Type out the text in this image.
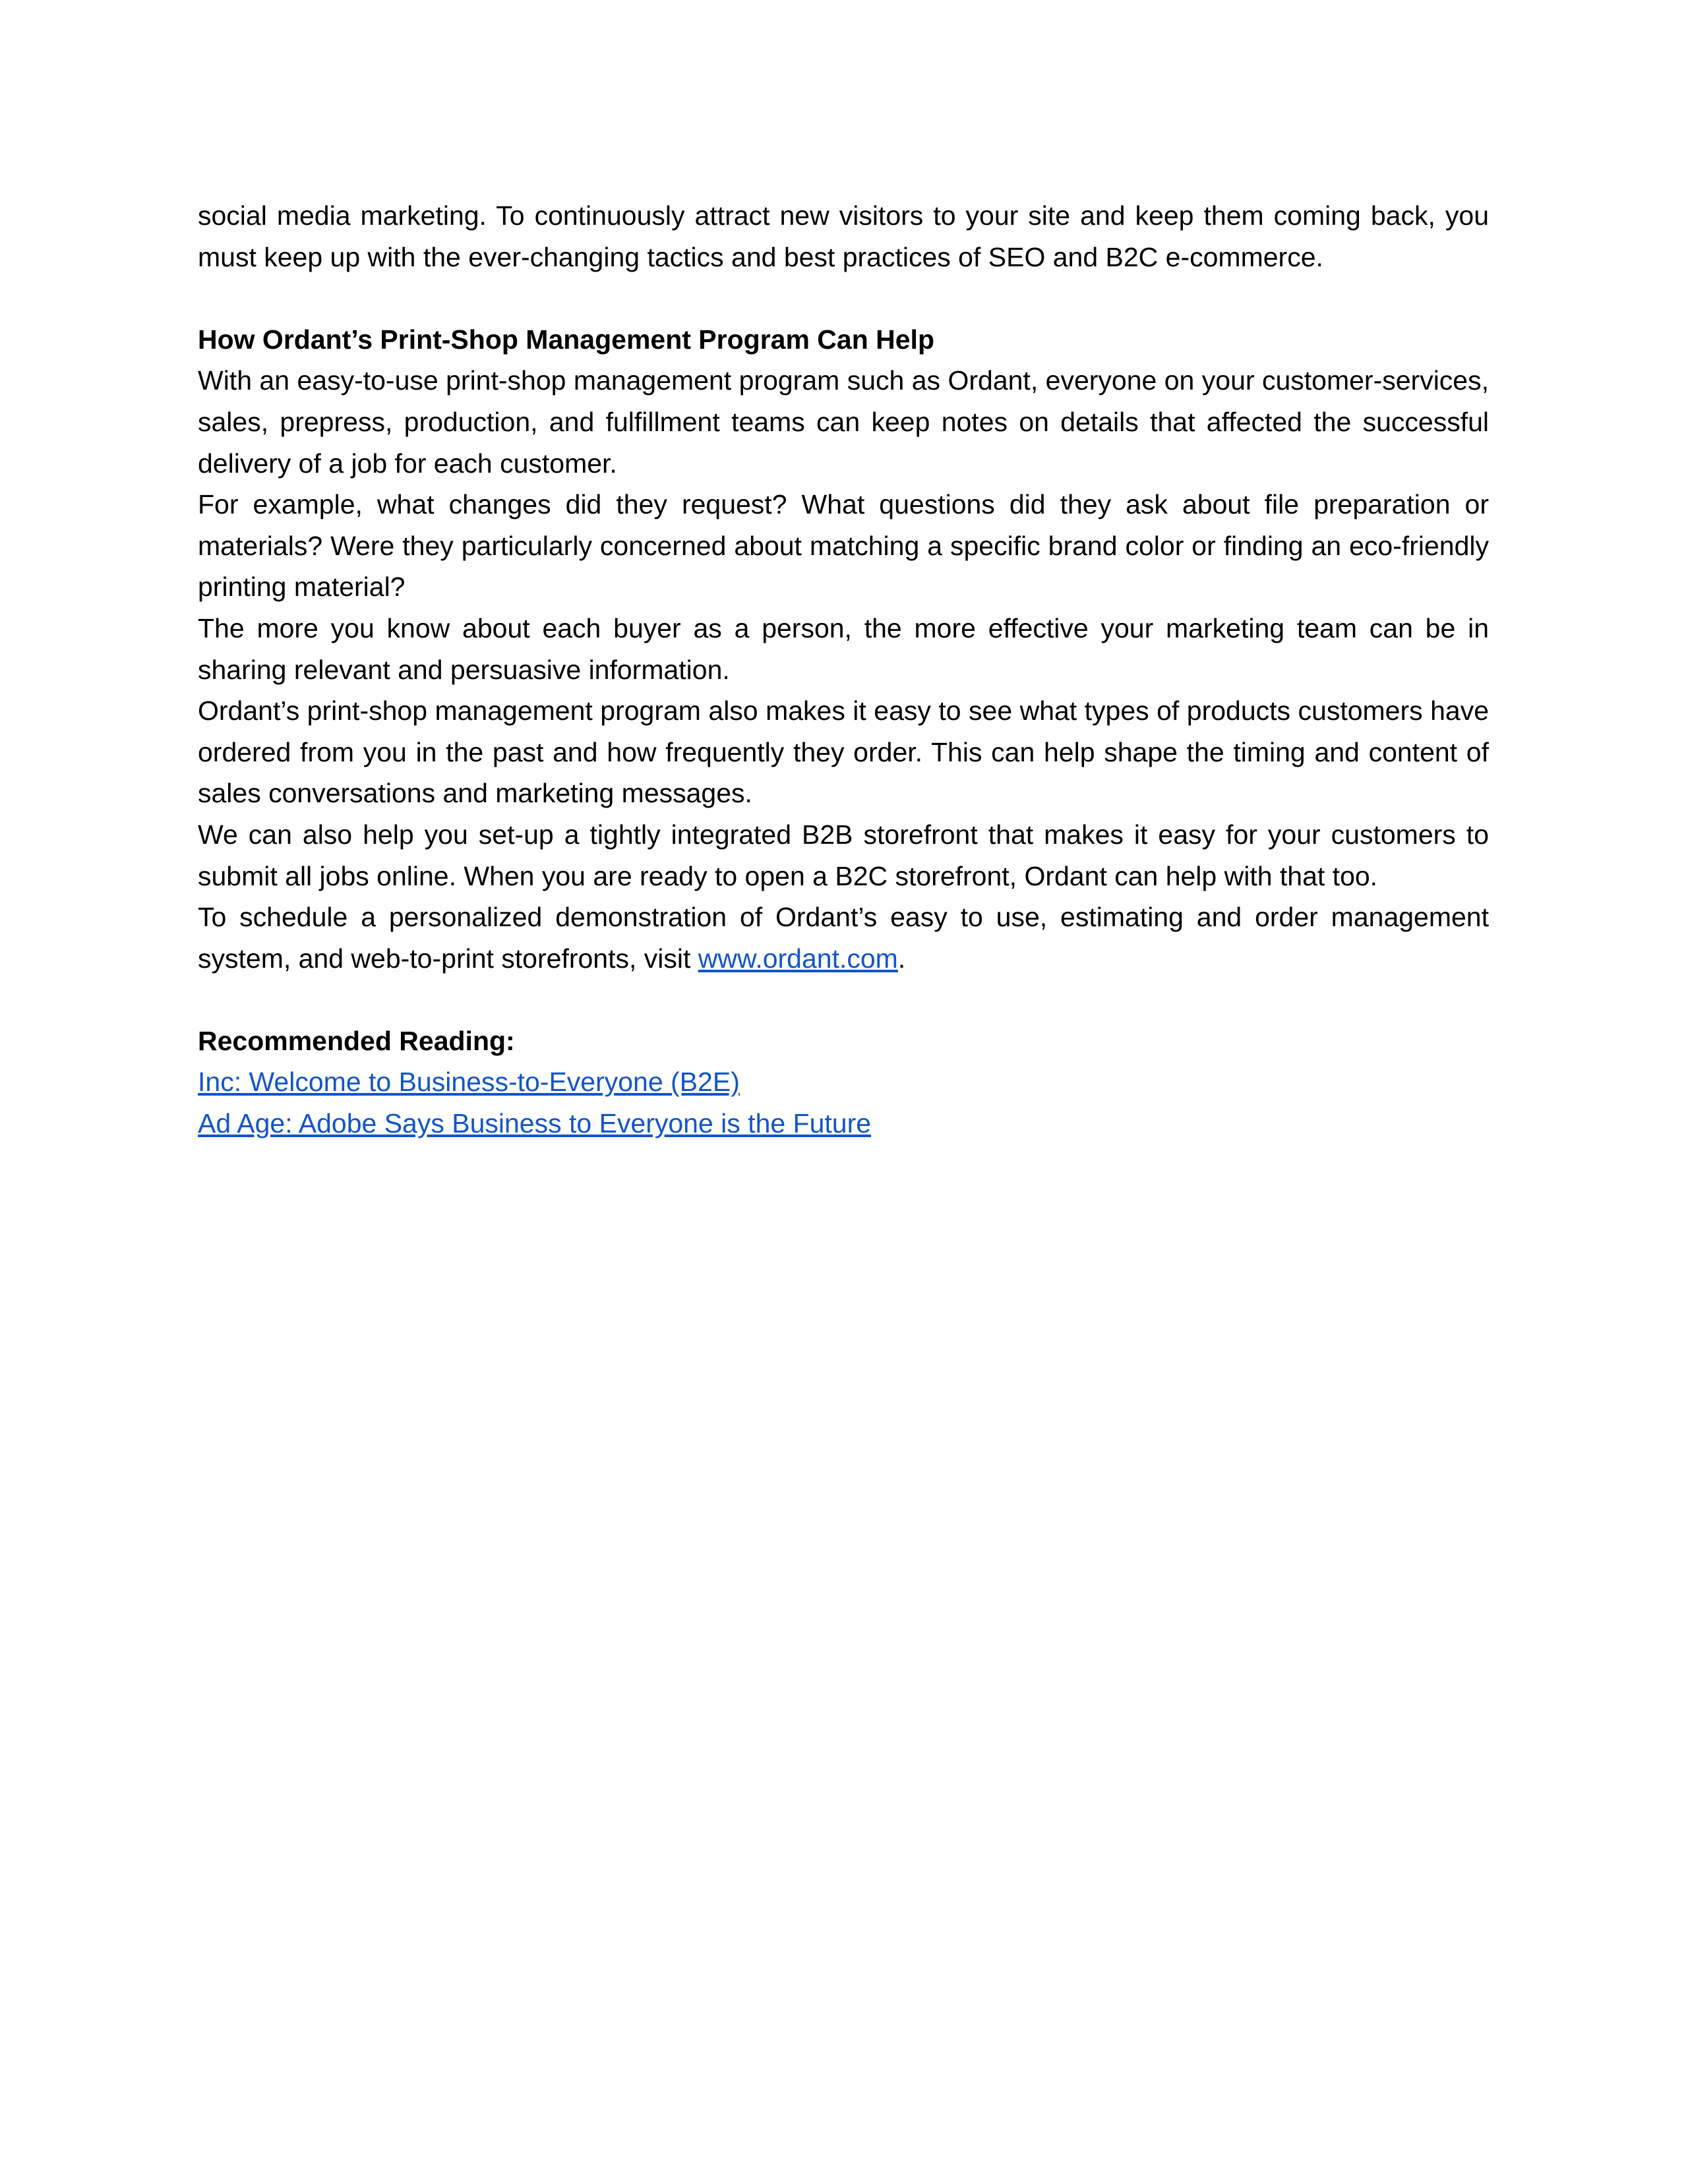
social media marketing. To continuously attract new visitors to your site and keep them coming back, you must keep up with the ever-changing tactics and best practices of SEO and B2C e-commerce.

How Ordant’s Print-Shop Management Program Can Help

With an easy-to-use print-shop management program such as Ordant, everyone on your customer-services, sales, prepress, production, and fulfillment teams can keep notes on details that affected the successful delivery of a job for each customer.

For example, what changes did they request? What questions did they ask about file preparation or materials? Were they particularly concerned about matching a specific brand color or finding an eco-friendly printing material?

The more you know about each buyer as a person, the more effective your marketing team can be in sharing relevant and persuasive information.

Ordant’s print-shop management program also makes it easy to see what types of products customers have ordered from you in the past and how frequently they order. This can help shape the timing and content of sales conversations and marketing messages.

We can also help you set-up a tightly integrated B2B storefront that makes it easy for your customers to submit all jobs online. When you are ready to open a B2C storefront, Ordant can help with that too.

To schedule a personalized demonstration of Ordant’s easy to use, estimating and order management system, and web-to-print storefronts, visit www.ordant.com.

Recommended Reading:

Inc: Welcome to Business-to-Everyone (B2E)

Ad Age: Adobe Says Business to Everyone is the Future
